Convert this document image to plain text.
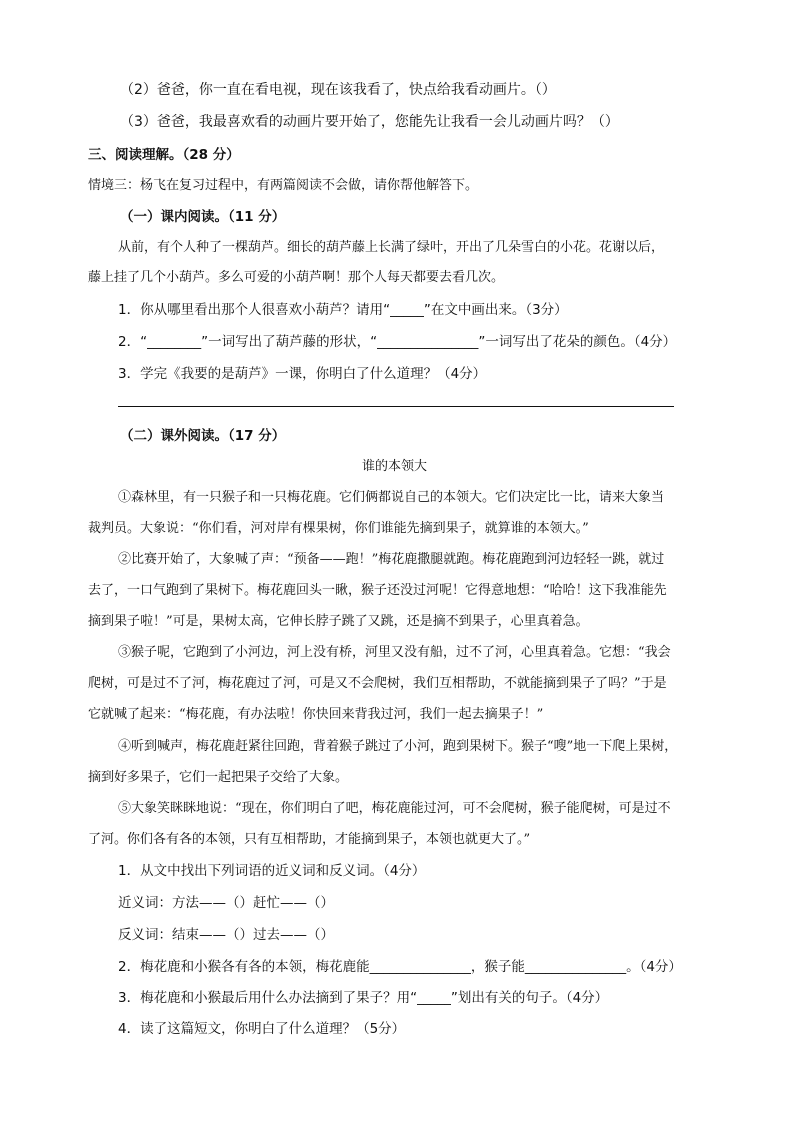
（2）爸爸，你一直在看电视，现在该我看了，快点给我看动画片。（）
（3）爸爸，我最喜欢看的动画片要开始了，您能先让我看一会儿动画片吗？（）
三、阅读理解。（28 分）
情境三：杨飞在复习过程中，有两篇阅读不会做，请你帮他解答下。
（一）课内阅读。（11 分）
从前，有个人种了一棵葫芦。细长的葫芦藤上长满了绿叶，开出了几朵雪白的小花。花谢以后，
藤上挂了几个小葫芦。多么可爱的小葫芦啊！那个人每天都要去看几次。
1．你从哪里看出那个人很喜欢小葫芦？请用“_____”在文中画出来。（3分）
2．“________”一词写出了葫芦藤的形状，“_______________”一词写出了花朵的颜色。（4分）
3．学完《我要的是葫芦》一课，你明白了什么道理？（4分）
（二）课外阅读。（17 分）
谁的本领大
①森林里，有一只猴子和一只梅花鹿。它们俩都说自己的本领大。它们决定比一比，请来大象当
裁判员。大象说：“你们看，河对岸有棵果树，你们谁能先摘到果子，就算谁的本领大。”
②比赛开始了，大象喊了声：“预备——跑！”梅花鹿撒腿就跑。梅花鹿跑到河边轻轻一跳，就过
去了，一口气跑到了果树下。梅花鹿回头一瞅，猴子还没过河呢！它得意地想：“哈哈！这下我准能先
摘到果子啦！”可是，果树太高，它伸长脖子跳了又跳，还是摘不到果子，心里真着急。
③猴子呢，它跑到了小河边，河上没有桥，河里又没有船，过不了河，心里真着急。它想：“我会
爬树，可是过不了河，梅花鹿过了河，可是又不会爬树，我们互相帮助，不就能摘到果子了吗？”于是
它就喊了起来：“梅花鹿，有办法啦！你快回来背我过河，我们一起去摘果子！”
④听到喊声，梅花鹿赶紧往回跑，背着猴子跳过了小河，跑到果树下。猴子“嗖”地一下爬上果树，
摘到好多果子，它们一起把果子交给了大象。
⑤大象笑眯眯地说：“现在，你们明白了吧，梅花鹿能过河，可不会爬树，猴子能爬树，可是过不
了河。你们各有各的本领，只有互相帮助，才能摘到果子，本领也就更大了。”
1．从文中找出下列词语的近义词和反义词。（4分）
近义词：方法——（）赶忙——（）
反义词：结束——（）过去——（）
2．梅花鹿和小猴各有各的本领，梅花鹿能_______________，猴子能_______________。（4分）
3．梅花鹿和小猴最后用什么办法摘到了果子？用“_____”划出有关的句子。（4分）
4．读了这篇短文，你明白了什么道理？（5分）
